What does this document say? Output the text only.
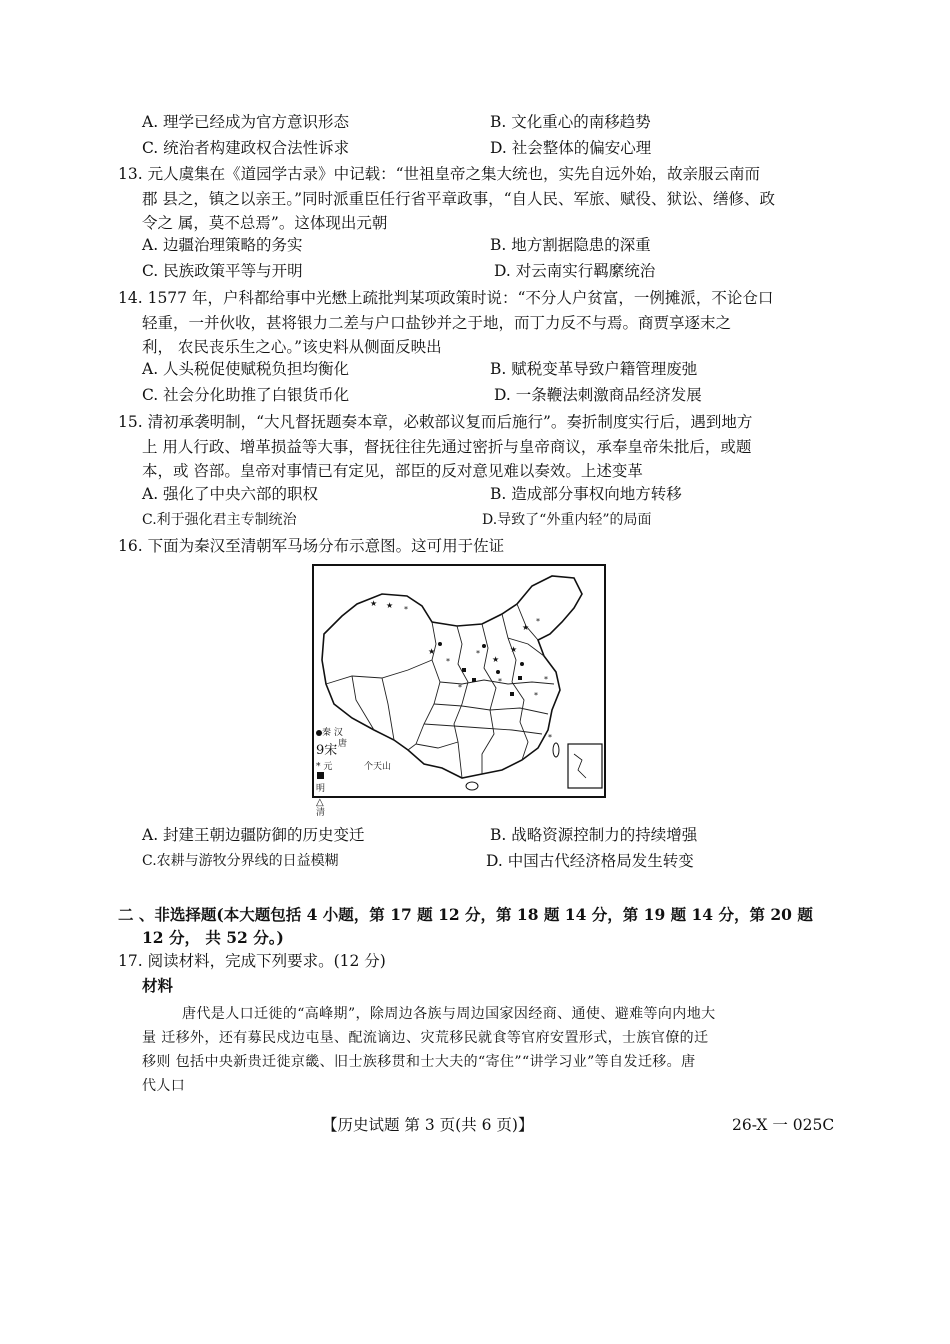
A. 理学已经成为官方意识形态	B. 文化重心的南移趋势
C. 统治者构建政权合法性诉求	D. 社会整体的偏安心理
13. 元人虞集在《道园学古录》中记载：“世祖皇帝之集大统也，实先自远外始，故亲服云南而
郡 县之，镇之以亲王。”同时派重臣任行省平章政事，“自人民、军旅、赋役、狱讼、缮修、政
令之 属，莫不总焉”。这体现出元朝
A. 边疆治理策略的务实	B. 地方割据隐患的深重
C. 民族政策平等与开明	D. 对云南实行羁縻统治
14. 1577 年，户科都给事中光懋上疏批判某项政策时说：“不分人户贫富，一例摊派，不论仓口
轻重，一并伙收，甚将银力二差与户口盐钞并之于地，而丁力反不与焉。商贾享逐末之
利， 农民丧乐生之心。”该史料从侧面反映出
A. 人头税促使赋税负担均衡化	B. 赋税变革导致户籍管理废弛
C. 社会分化助推了白银货币化	D. 一条鞭法刺激商品经济发展
15. 清初承袭明制，“大凡督抚题奏本章，必敕部议复而后施行”。奏折制度实行后，遇到地方
上 用人行政、增革损益等大事，督抚往往先通过密折与皇帝商议，承奉皇帝朱批后，或题
本，或 咨部。皇帝对事情已有定见，部臣的反对意见难以奏效。上述变革
A. 强化了中央六部的职权	B. 造成部分事权向地方转移
C.利于强化君主专制统治	D.导致了“外重内轻”的局面
16. 下面为秦汉至清朝军马场分布示意图。这可用于佐证
★ ★ *
★
*
★
★
*
★
*
*
*
*
*
*
秦 汉
唐
9宋
* 元	个天山
明
△
清
A. 封建王朝边疆防御的历史变迁	B. 战略资源控制力的持续增强
C.农耕与游牧分界线的日益模糊	D. 中国古代经济格局发生转变
二 、非选择题(本大题包括 4 小题，第 17 题 12 分，第 18 题 14 分，第 19 题 14 分，第 20 题
12 分， 共 52 分。)
17. 阅读材料，完成下列要求。(12 分)
材料
唐代是人口迁徙的“高峰期”，除周边各族与周边国家因经商、通使、避难等向内地大
量 迁移外，还有募民戍边屯垦、配流谪边、灾荒移民就食等官府安置形式，士族官僚的迁
移则 包括中央新贵迁徙京畿、旧士族移贯和士大夫的“寄住”“讲学习业”等自发迁移。唐
代人口
【历史试题 第 3 页(共 6 页)】	26-X 一 025C
